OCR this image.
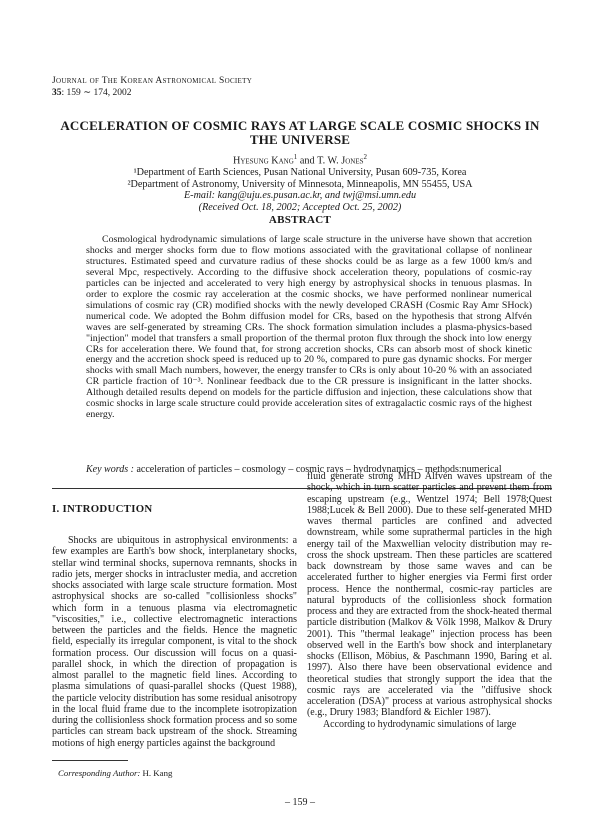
Journal of The Korean Astronomical Society
35: 159 ∼ 174, 2002
ACCELERATION OF COSMIC RAYS AT LARGE SCALE COSMIC SHOCKS IN THE UNIVERSE
Hyesung Kang$^1$ and T. W. Jones$^2$
¹Department of Earth Sciences, Pusan National University, Pusan 609-735, Korea
²Department of Astronomy, University of Minnesota, Minneapolis, MN 55455, USA
E-mail: kang@uju.es.pusan.ac.kr, and twj@msi.umn.edu
(Received Oct. 18, 2002; Accepted Oct. 25, 2002)
ABSTRACT
Cosmological hydrodynamic simulations of large scale structure in the universe have shown that accretion shocks and merger shocks form due to flow motions associated with the gravitational collapse of nonlinear structures. Estimated speed and curvature radius of these shocks could be as large as a few 1000 km/s and several Mpc, respectively. According to the diffusive shock acceleration theory, populations of cosmic-ray particles can be injected and accelerated to very high energy by astrophysical shocks in tenuous plasmas. In order to explore the cosmic ray acceleration at the cosmic shocks, we have performed nonlinear numerical simulations of cosmic ray (CR) modified shocks with the newly developed CRASH (Cosmic Ray Amr SHock) numerical code. We adopted the Bohm diffusion model for CRs, based on the hypothesis that strong Alfvén waves are self-generated by streaming CRs. The shock formation simulation includes a plasma-physics-based "injection" model that transfers a small proportion of the thermal proton flux through the shock into low energy CRs for acceleration there. We found that, for strong accretion shocks, CRs can absorb most of shock kinetic energy and the accretion shock speed is reduced up to 20 %, compared to pure gas dynamic shocks. For merger shocks with small Mach numbers, however, the energy transfer to CRs is only about 10-20 % with an associated CR particle fraction of 10⁻³. Nonlinear feedback due to the CR pressure is insignificant in the latter shocks. Although detailed results depend on models for the particle diffusion and injection, these calculations show that cosmic shocks in large scale structure could provide acceleration sites of extragalactic cosmic rays of the highest energy.
Key words : acceleration of particles – cosmology – cosmic rays – hydrodynamics – methods:numerical
I. INTRODUCTION

Shocks are ubiquitous in astrophysical environments: a few examples are Earth's bow shock, interplanetary shocks, stellar wind terminal shocks, supernova remnants, shocks in radio jets, merger shocks in intracluster media, and accretion shocks associated with large scale structure formation. Most astrophysical shocks are so-called "collisionless shocks" which form in a tenuous plasma via electromagnetic "viscosities," i.e., collective electromagnetic interactions between the particles and the fields. Hence the magnetic field, especially its irregular component, is vital to the shock formation process. Our discussion will focus on a quasi-parallel shock, in which the direction of propagation is almost parallel to the magnetic field lines. According to plasma simulations of quasi-parallel shocks (Quest 1988), the particle velocity distribution has some residual anisotropy in the local fluid frame due to the incomplete isotropization during the collisionless shock formation process and so some particles can stream back upstream of the shock. Streaming motions of high energy particles against the background

fluid generate strong MHD Alfvén waves upstream of the shock, which in turn scatter particles and prevent them from escaping upstream (e.g., Wentzel 1974; Bell 1978;Quest 1988;Lucek & Bell 2000). Due to these self-generated MHD waves thermal particles are confined and advected downstream, while some suprathermal particles in the high energy tail of the Maxwellian velocity distribution may re-cross the shock upstream. Then these particles are scattered back downstream by those same waves and can be accelerated further to higher energies via Fermi first order process. Hence the nonthermal, cosmic-ray particles are natural byproducts of the collisionless shock formation process and they are extracted from the shock-heated thermal particle distribution (Malkov & Völk 1998, Malkov & Drury 2001). This "thermal leakage" injection process has been observed well in the Earth's bow shock and interplanetary shocks (Ellison, Möbius, & Paschmann 1990, Baring et al. 1997). Also there have been observational evidence and theoretical studies that strongly support the idea that the cosmic rays are accelerated via the "diffusive shock acceleration (DSA)" process at various astrophysical shocks (e.g., Drury 1983; Blandford & Eichler 1987).

According to hydrodynamic simulations of large

Corresponding Author: H. Kang
– 159 –
